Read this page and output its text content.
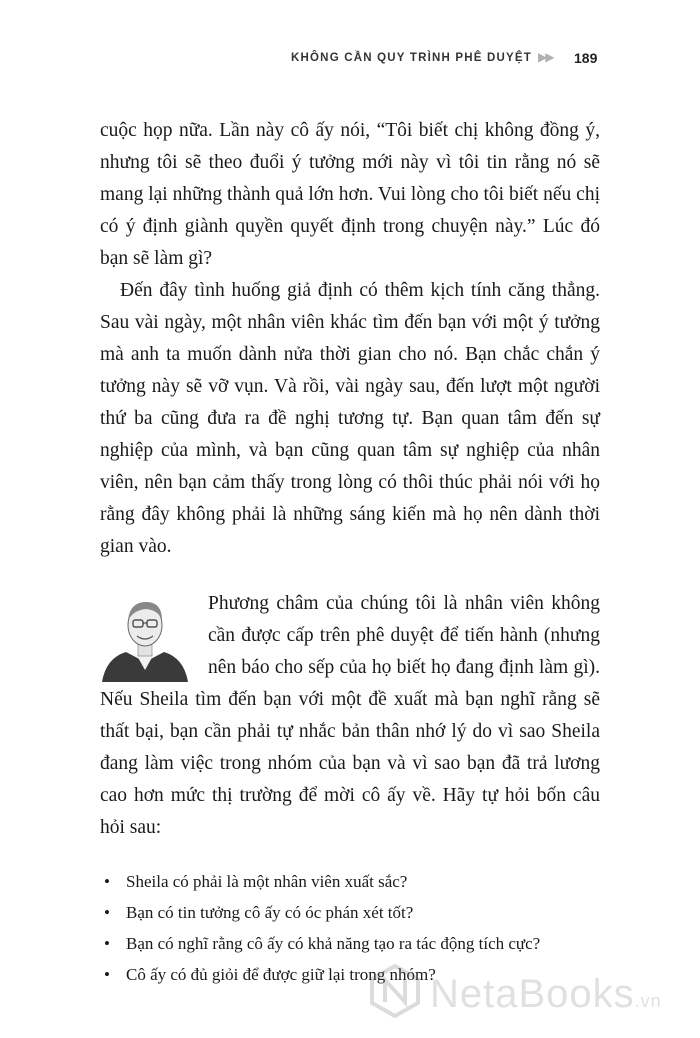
KHÔNG CẦN QUY TRÌNH PHÊ DUYỆT ▶▶ 189

cuộc họp nữa. Lần này cô ấy nói, “Tôi biết chị không đồng ý, nhưng tôi sẽ theo đuổi ý tưởng mới này vì tôi tin rằng nó sẽ mang lại những thành quả lớn hơn. Vui lòng cho tôi biết nếu chị có ý định giành quyền quyết định trong chuyện này.” Lúc đó bạn sẽ làm gì?

Đến đây tình huống giả định có thêm kịch tính căng thẳng. Sau vài ngày, một nhân viên khác tìm đến bạn với một ý tưởng mà anh ta muốn dành nửa thời gian cho nó. Bạn chắc chắn ý tưởng này sẽ vỡ vụn. Và rồi, vài ngày sau, đến lượt một người thứ ba cũng đưa ra đề nghị tương tự. Bạn quan tâm đến sự nghiệp của mình, và bạn cũng quan tâm sự nghiệp của nhân viên, nên bạn cảm thấy trong lòng có thôi thúc phải nói với họ rằng đây không phải là những sáng kiến mà họ nên dành thời gian vào.

Phương châm của chúng tôi là nhân viên không cần được cấp trên phê duyệt để tiến hành (nhưng nên báo cho sếp của họ biết họ đang định làm gì). Nếu Sheila tìm đến bạn với một đề xuất mà bạn nghĩ rằng sẽ thất bại, bạn cần phải tự nhắc bản thân nhớ lý do vì sao Sheila đang làm việc trong nhóm của bạn và vì sao bạn đã trả lương cao hơn mức thị trường để mời cô ấy về. Hãy tự hỏi bốn câu hỏi sau:

• Sheila có phải là một nhân viên xuất sắc?
• Bạn có tin tưởng cô ấy có óc phán xét tốt?
• Bạn có nghĩ rằng cô ấy có khả năng tạo ra tác động tích cực?
• Cô ấy có đủ giỏi để được giữ lại trong nhóm?
NetaBooks.vn
